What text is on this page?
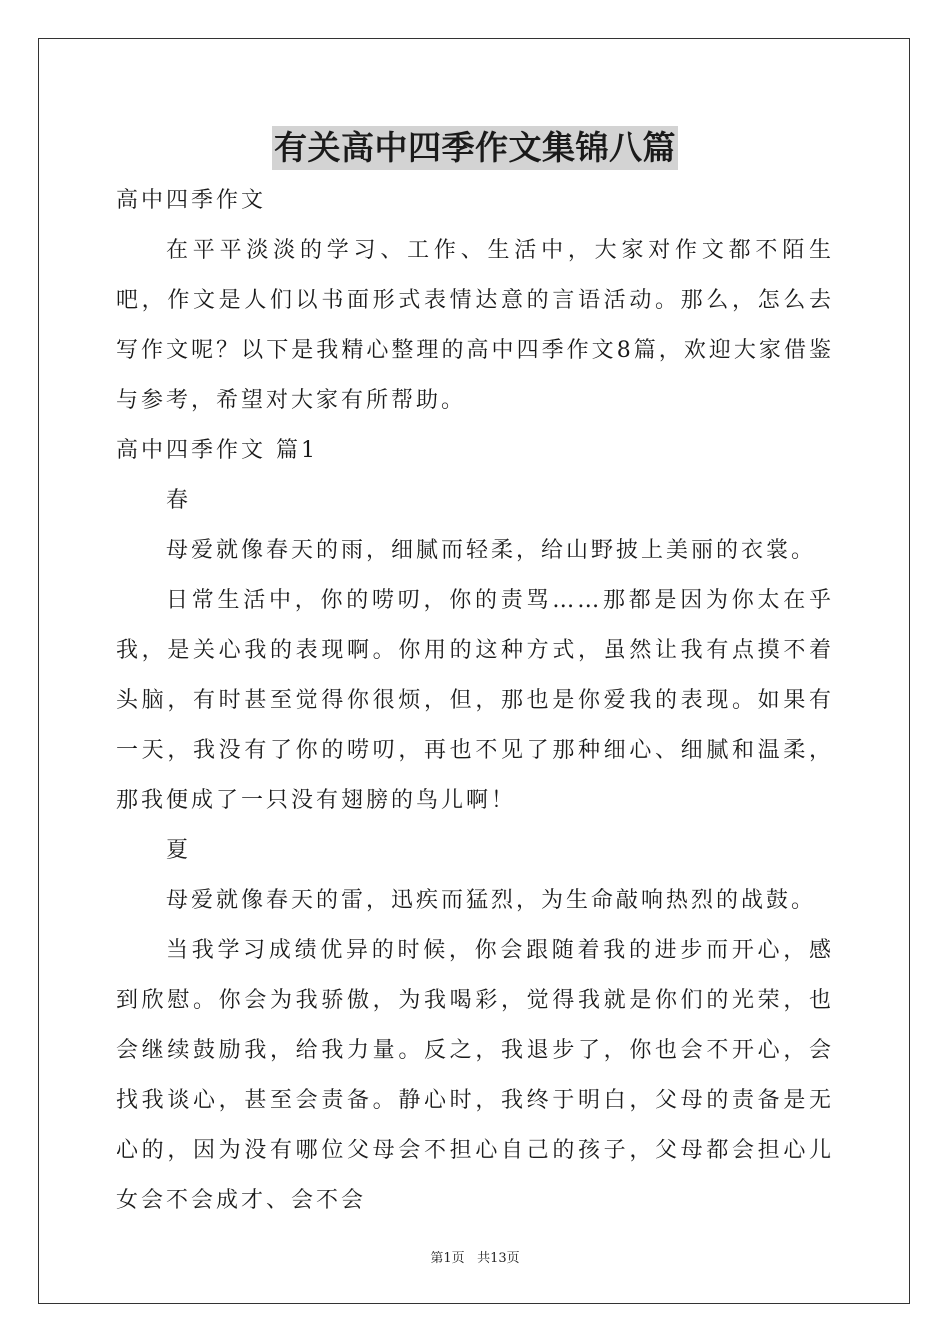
有关高中四季作文集锦八篇

高中四季作文

在平平淡淡的学习、工作、生活中，大家对作文都不陌生吧，作文是人们以书面形式表情达意的言语活动。那么，怎么去写作文呢？以下是我精心整理的高中四季作文8篇，欢迎大家借鉴与参考，希望对大家有所帮助。

高中四季作文 篇1

春

母爱就像春天的雨，细腻而轻柔，给山野披上美丽的衣裳。

日常生活中，你的唠叨，你的责骂……那都是因为你太在乎我，是关心我的表现啊。你用的这种方式，虽然让我有点摸不着头脑，有时甚至觉得你很烦，但，那也是你爱我的表现。如果有一天，我没有了你的唠叨，再也不见了那种细心、细腻和温柔，那我便成了一只没有翅膀的鸟儿啊！

夏

母爱就像春天的雷，迅疾而猛烈，为生命敲响热烈的战鼓。

当我学习成绩优异的时候，你会跟随着我的进步而开心，感到欣慰。你会为我骄傲，为我喝彩，觉得我就是你们的光荣，也会继续鼓励我，给我力量。反之，我退步了，你也会不开心，会找我谈心，甚至会责备。静心时，我终于明白，父母的责备是无心的，因为没有哪位父母会不担心自己的孩子，父母都会担心儿女会不会成才、会不会

第1页 共13页
